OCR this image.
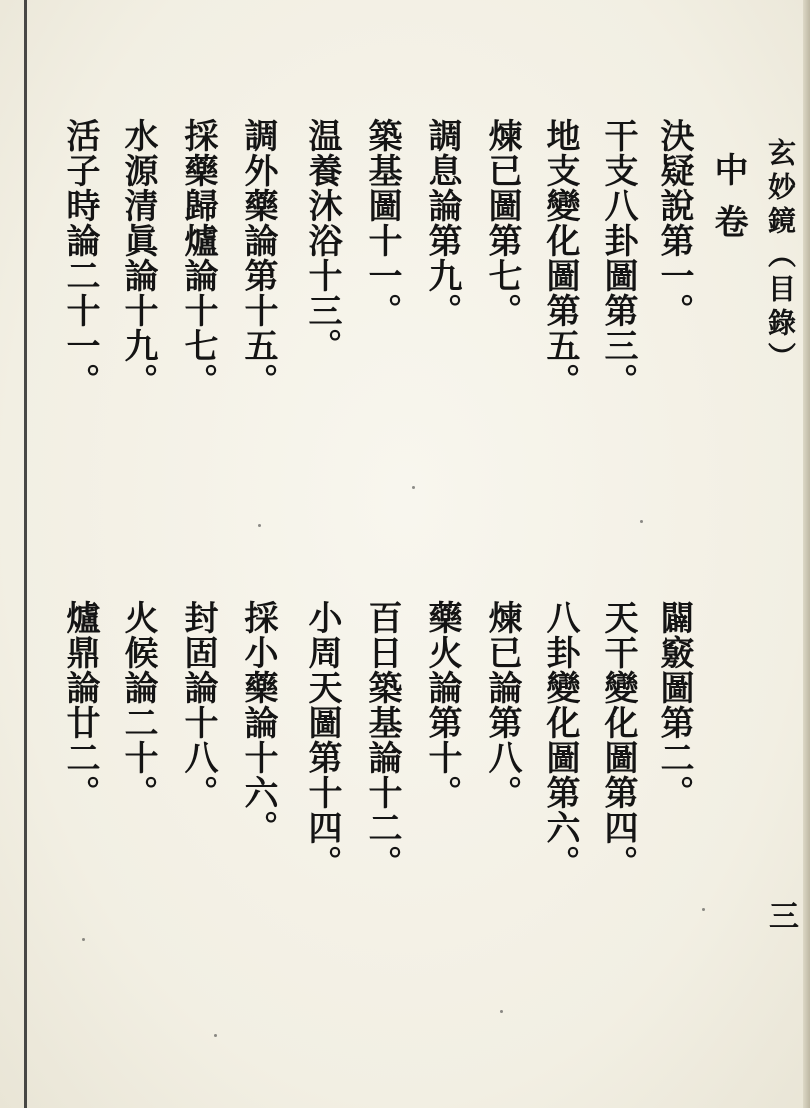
玄妙鏡（目錄）
三
中卷
決疑說第一。
闢竅圖第二。
干支八卦圖第三。
天干變化圖第四。
地支變化圖第五。
八卦變化圖第六。
煉已圖第七。
煉已論第八。
調息論第九。
藥火論第十。
築基圖十一。
百日築基論十二。
温養沐浴十三。
小周天圖第十四。
調外藥論第十五。
採小藥論十六。
採藥歸爐論十七。
封固論十八。
水源清眞論十九。
火候論二十。
活子時論二十一。
爐鼎論廿二。
